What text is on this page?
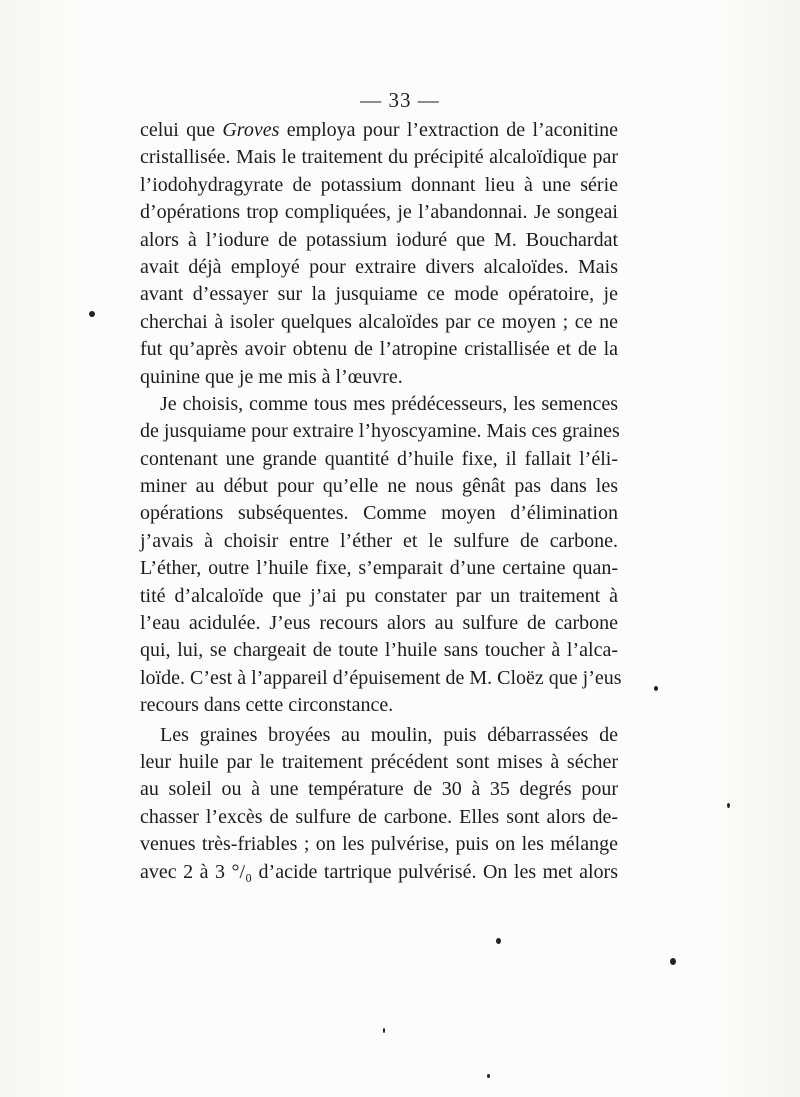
— 33 —
celui que Groves employa pour l’extraction de l’aconitine
cristallisée. Mais le traitement du précipité alcaloïdique par
l’iodohydragyrate de potassium donnant lieu à une série
d’opérations trop compliquées, je l’abandonnai. Je songeai
alors à l’iodure de potassium ioduré que M. Bouchardat
avait déjà employé pour extraire divers alcaloïdes. Mais
avant d’essayer sur la jusquiame ce mode opératoire, je
cherchai à isoler quelques alcaloïdes par ce moyen ; ce ne
fut qu’après avoir obtenu de l’atropine cristallisée et de la
quinine que je me mis à l’œuvre.
Je choisis, comme tous mes prédécesseurs, les semences
de jusquiame pour extraire l’hyoscyamine. Mais ces graines
contenant une grande quantité d’huile fixe, il fallait l’éli-
miner au début pour qu’elle ne nous gênât pas dans les
opérations subséquentes. Comme moyen d’élimination
j’avais à choisir entre l’éther et le sulfure de carbone.
L’éther, outre l’huile fixe, s’emparait d’une certaine quan-
tité d’alcaloïde que j’ai pu constater par un traitement à
l’eau acidulée. J’eus recours alors au sulfure de carbone
qui, lui, se chargeait de toute l’huile sans toucher à l’alca-
loïde. C’est à l’appareil d’épuisement de M. Cloëz que j’eus
recours dans cette circonstance.
Les graines broyées au moulin, puis débarrassées de
leur huile par le traitement précédent sont mises à sécher
au soleil ou à une température de 30 à 35 degrés pour
chasser l’excès de sulfure de carbone. Elles sont alors de-
venues très-friables ; on les pulvérise, puis on les mélange
avec 2 à 3 °/₀ d’acide tartrique pulvérisé. On les met alors
